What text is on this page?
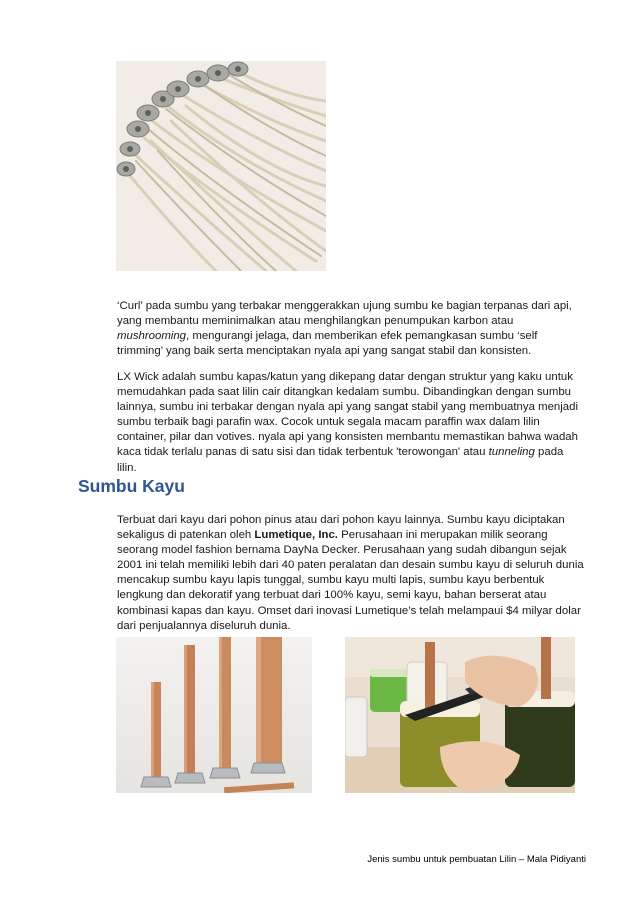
‘Curl’ pada sumbu yang terbakar menggerakkan ujung sumbu ke bagian terpanas dari api, yang membantu meminimalkan atau menghilangkan penumpukan karbon atau mushrooming, mengurangi jelaga, dan memberikan efek pemangkasan sumbu ‘self trimming’ yang baik serta menciptakan nyala api yang sangat stabil dan konsisten.

LX Wick adalah sumbu kapas/katun yang dikepang datar dengan struktur yang kaku untuk memudahkan pada saat lilin cair ditangkan kedalam sumbu. Dibandingkan dengan sumbu lainnya, sumbu ini terbakar dengan nyala api yang sangat stabil yang membuatnya menjadi sumbu terbaik bagi parafin wax. Cocok untuk segala macam paraffin wax dalam lilin container, pilar dan votives. nyala api yang konsisten membantu memastikan bahwa wadah kaca tidak terlalu panas di satu sisi dan tidak terbentuk 'terowongan' atau tunneling pada lilin.

Sumbu Kayu

Terbuat dari kayu dari pohon pinus atau dari pohon kayu lainnya. Sumbu kayu diciptakan sekaligus di patenkan oleh Lumetique, Inc. Perusahaan ini merupakan milik seorang seorang model fashion bernama DayNa Decker. Perusahaan yang sudah dibangun sejak 2001 ini telah memiliki lebih dari 40 paten peralatan dan desain sumbu kayu di seluruh dunia mencakup sumbu kayu lapis tunggal, sumbu kayu multi lapis, sumbu kayu berbentuk lengkung dan dekoratif yang terbuat dari 100% kayu, semi kayu, bahan berserat atau kombinasi kapas dan kayu. Omset dari inovasi Lumetique’s telah melampaui $4 milyar dolar dari penjualannya diseluruh dunia.

Jenis sumbu untuk pembuatan Lilin – Mala Pidiyanti
